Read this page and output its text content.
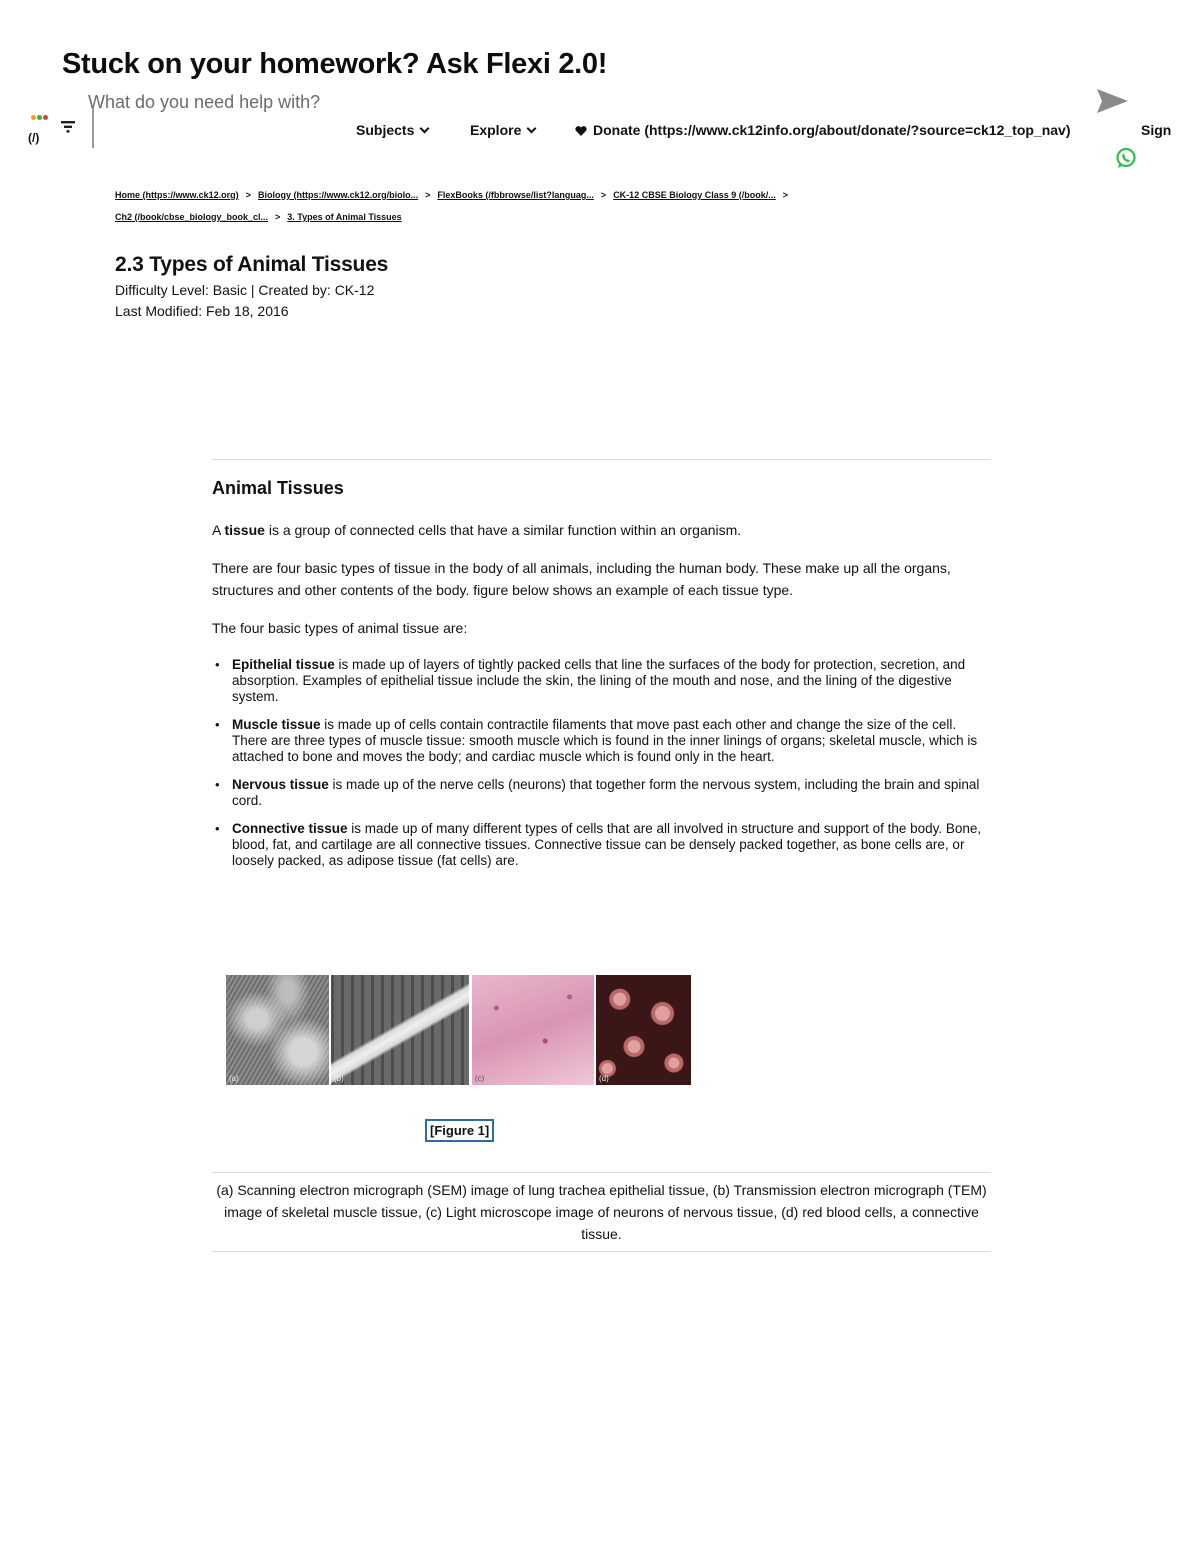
Stuck on your homework? Ask Flexi 2.0!
(/)
What do you need help with?	Subjects	Explore	Donate (https://www.ck12info.org/about/donate/?source=ck12_top_nav)	Sign
Home (https://www.ck12.org) > Biology (https://www.ck12.org/biolo... > FlexBooks (/fbbrowse/list?languag... > CK-12 CBSE Biology Class 9 (/book/... >
Ch2 (/book/cbse_biology_book_cl... > 3. Types of Animal Tissues
2.3 Types of Animal Tissues
Difficulty Level: Basic | Created by: CK-12
Last Modified: Feb 18, 2016
Animal Tissues

A tissue is a group of connected cells that have a similar function within an organism.

There are four basic types of tissue in the body of all animals, including the human body. These make up all the organs, structures and other contents of the body. figure below shows an example of each tissue type.

The four basic types of animal tissue are:

• Epithelial tissue is made up of layers of tightly packed cells that line the surfaces of the body for protection, secretion, and absorption. Examples of epithelial tissue include the skin, the lining of the mouth and nose, and the lining of the digestive system.
• Muscle tissue is made up of cells contain contractile filaments that move past each other and change the size of the cell. There are three types of muscle tissue: smooth muscle which is found in the inner linings of organs; skeletal muscle, which is attached to bone and moves the body; and cardiac muscle which is found only in the heart.
• Nervous tissue is made up of the nerve cells (neurons) that together form the nervous system, including the brain and spinal cord.
• Connective tissue is made up of many different types of cells that are all involved in structure and support of the body. Bone, blood, fat, and cartilage are all connective tissues. Connective tissue can be densely packed together, as bone cells are, or loosely packed, as adipose tissue (fat cells) are.
(a)	(b)	(c)	(d)
[Figure 1]

(a) Scanning electron micrograph (SEM) image of lung trachea epithelial tissue, (b) Transmission electron micrograph (TEM) image of skeletal muscle tissue, (c) Light microscope image of neurons of nervous tissue, (d) red blood cells, a connective tissue.
